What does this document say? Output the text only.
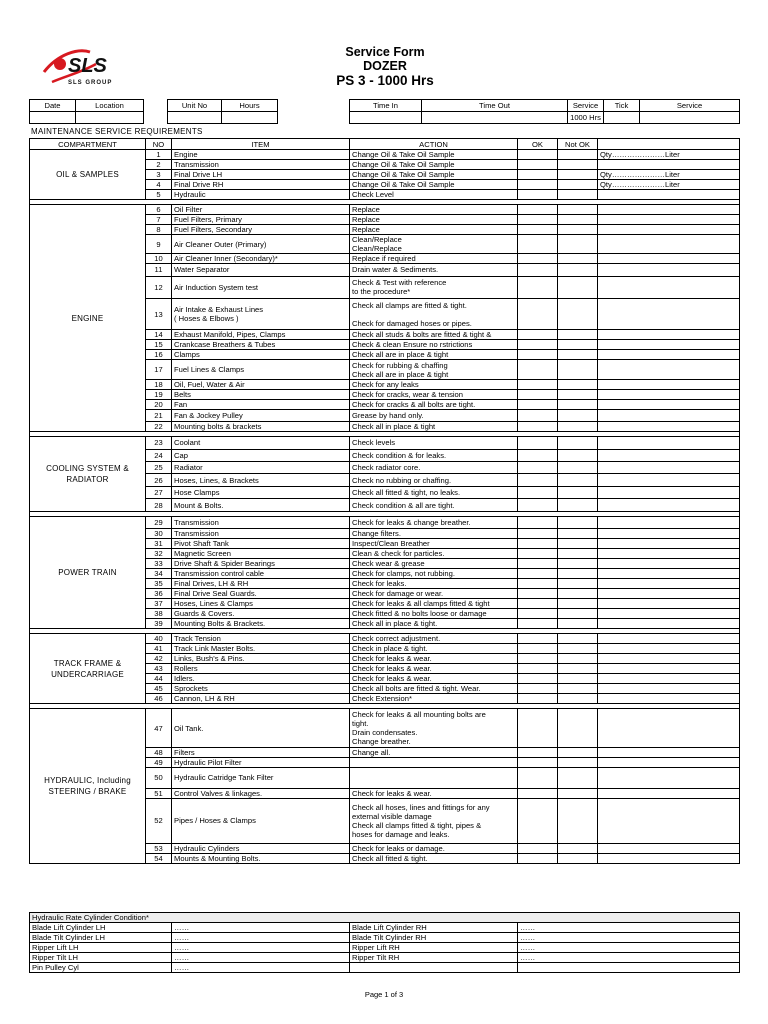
SLS
SLS GROUP
Service Form
DOZER
PS 3 - 1000 Hrs
Date	Location		Unit No	Hours		Time In	Time Out	Service	Tick	Service
								1000 Hrs		
MAINTENANCE SERVICE REQUIREMENTS
COMPARTMENT	NO	ITEM	ACTION	OK	Not OK	
OIL & SAMPLES	1	Engine	Change Oil & Take Oil Sample			Qty…………………Liter
	2	Transmission	Change Oil & Take Oil Sample			
	3	Final Drive LH	Change Oil & Take Oil Sample			Qty…………………Liter
	4	Final Drive RH	Change Oil & Take Oil Sample			Qty…………………Liter
	5	Hydraulic	Check Level			

ENGINE	6	Oil Filter	Replace			
	7	Fuel Filters, Primary	Replace			
	8	Fuel Filters, Secondary	Replace			
	9	Air Cleaner Outer (Primary)	Clean/Replace
Clean/Replace			
	10	Air Cleaner Inner (Secondary)*	Replace if required			
	11	Water Separator	Drain water & Sediments.			
	12	Air Induction System test	Check & Test with reference
to the procedure*			
	13	Air Intake & Exhaust Lines
( Hoses & Elbows )	Check all clamps are fitted & tight.

Check for damaged hoses or pipes.			
	14	Exhaust Manifold, Pipes, Clamps	Check all studs & bolts are fitted & tight &			
	15	Crankcase Breathers & Tubes	Check & clean Ensure no rstrictions			
	16	Clamps	Check all are in place & tight			
	17	Fuel Lines & Clamps	Check for rubbing & chaffing
Check all are in place & tight			
	18	Oil, Fuel, Water & Air	Check for any leaks			
	19	Belts	Check for cracks, wear & tension			
	20	Fan	Check for cracks & all bolts are tight.			
	21	Fan & Jockey Pulley	Grease by hand only.			
	22	Mounting bolts & brackets	Check all in place & tight			

COOLING SYSTEM &
RADIATOR	23	Coolant	Check levels			
	24	Cap	Check condition & for leaks.			
	25	Radiator	Check radiator core.			
	26	Hoses, Lines, & Brackets	Check no rubbing or chaffing.			
	27	Hose Clamps	Check all fitted & tight, no leaks.			
	28	Mount & Bolts.	Check condition & all are tight.			

POWER TRAIN	29	Transmission	Check for leaks & change breather.			
	30	Transmission	Change filters.			
	31	Pivot Shaft Tank	Inspect/Clean Breather			
	32	Magnetic Screen	Clean & check for particles.			
	33	Drive Shaft & Spider Bearings	Check wear & grease			
	34	Transmission control cable	Check for clamps, not rubbing.			
	35	Final Drives, LH & RH	Check for leaks.			
	36	Final Drive Seal Guards.	Check for damage or wear.			
	37	Hoses, Lines & Clamps	Check for leaks & all clamps fitted & tight			
	38	Guards & Covers.	Check fitted & no bolts loose or damage			
	39	Mounting Bolts & Brackets.	Check all in place & tight.			

TRACK FRAME &
UNDERCARRIAGE	40	Track Tension	Check correct adjustment.			
	41	Track Link Master Bolts.	Check in place & tight.			
	42	Links, Bush's & Pins.	Check for leaks & wear.			
	43	Rollers	Check for leaks & wear.			
	44	Idlers.	Check for leaks & wear.			
	45	Sprockets	Check all bolts are fitted & tight. Wear.			
	46	Cannon, LH & RH	Check Extension*			

HYDRAULIC, Including
STEERING / BRAKE	47	Oil Tank.	Check for leaks & all mounting bolts are
tight.
Drain condensates.
Change breather.			
	48	Filters	Change all.			
	49	Hydraulic Pilot Filter				
	50	Hydraulic Catridge Tank Filter				
	51	Control Valves & linkages.	Check for leaks & wear.			
	52	Pipes / Hoses & Clamps	Check all hoses, lines and fittings for any
external visible damage
Check all clamps fitted & tight, pipes &
hoses for damage and leaks.			
	53	Hydraulic Cylinders	Check for leaks or damage.			
	54	Mounts & Mounting Bolts.	Check all fitted & tight.			
Hydraulic Rate Cylinder Condition*			
Blade Lift Cylinder LH	……	Blade Lift Cylinder RH	……
Blade Tilt Cylinder LH	……	Blade Tilt Cylinder RH	……
Ripper Lift LH	……	Ripper Lift RH	……
Ripper Tilt LH	……	Ripper Tilt RH	……
Pin Pulley Cyl	……		
Page 1 of 3
